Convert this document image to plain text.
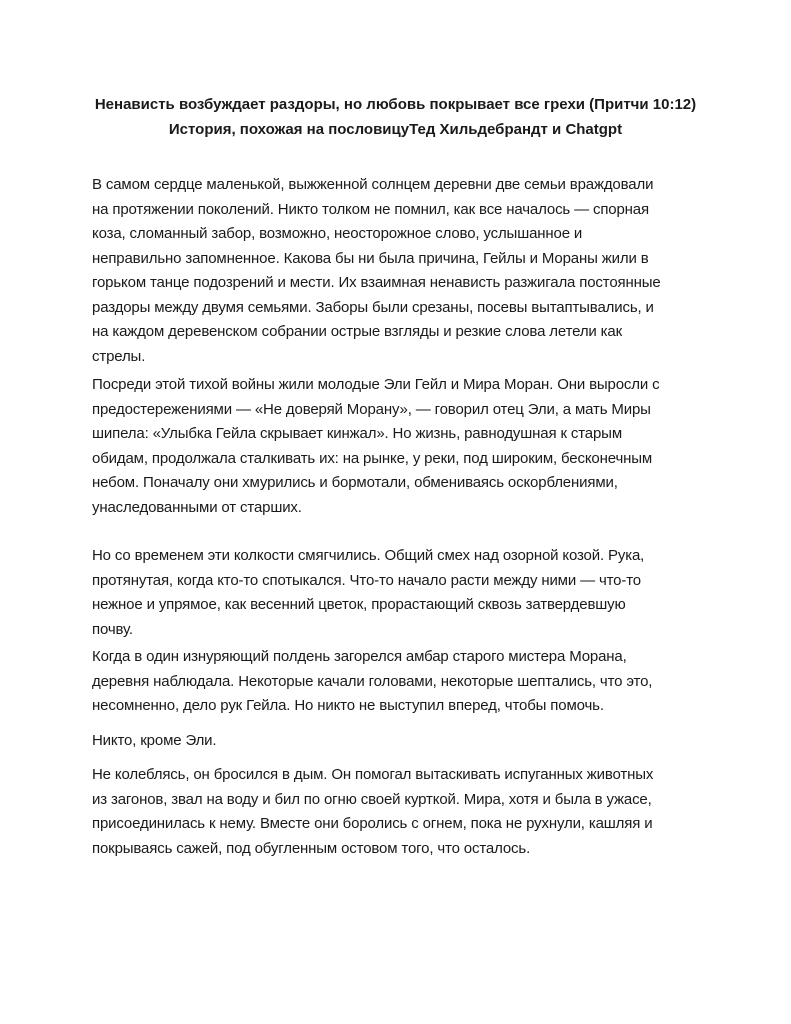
Ненависть возбуждает раздоры, но любовь покрывает все грехи (Притчи 10:12)
История, похожая на пословицуТед Хильдебрандт и Chatgpt
В самом сердце маленькой, выжженной солнцем деревни две семьи враждовали
на протяжении поколений. Никто толком не помнил, как все началось — спорная
коза, сломанный забор, возможно, неосторожное слово, услышанное и
неправильно запомненное. Какова бы ни была причина, Гейлы и Мораны жили в
горьком танце подозрений и мести. Их взаимная ненависть разжигала постоянные
раздоры между двумя семьями. Заборы были срезаны, посевы вытаптывались, и
на каждом деревенском собрании острые взгляды и резкие слова летели как
стрелы.
Посреди этой тихой войны жили молодые Эли Гейл и Мира Моран. Они выросли с
предостережениями — «Не доверяй Морану», — говорил отец Эли, а мать Миры
шипела: «Улыбка Гейла скрывает кинжал». Но жизнь, равнодушная к старым
обидам, продолжала сталкивать их: на рынке, у реки, под широким, бесконечным
небом. Поначалу они хмурились и бормотали, обмениваясь оскорблениями,
унаследованными от старших.
Но со временем эти колкости смягчились. Общий смех над озорной козой. Рука,
протянутая, когда кто-то спотыкался. Что-то начало расти между ними — что-то
нежное и упрямое, как весенний цветок, прорастающий сквозь затвердевшую
почву.
Когда в один изнуряющий полдень загорелся амбар старого мистера Морана,
деревня наблюдала. Некоторые качали головами, некоторые шептались, что это,
несомненно, дело рук Гейла. Но никто не выступил вперед, чтобы помочь.
Никто, кроме Эли.
Не колеблясь, он бросился в дым. Он помогал вытаскивать испуганных животных
из загонов, звал на воду и бил по огню своей курткой. Мира, хотя и была в ужасе,
присоединилась к нему. Вместе они боролись с огнем, пока не рухнули, кашляя и
покрываясь сажей, под обугленным остовом того, что осталось.
